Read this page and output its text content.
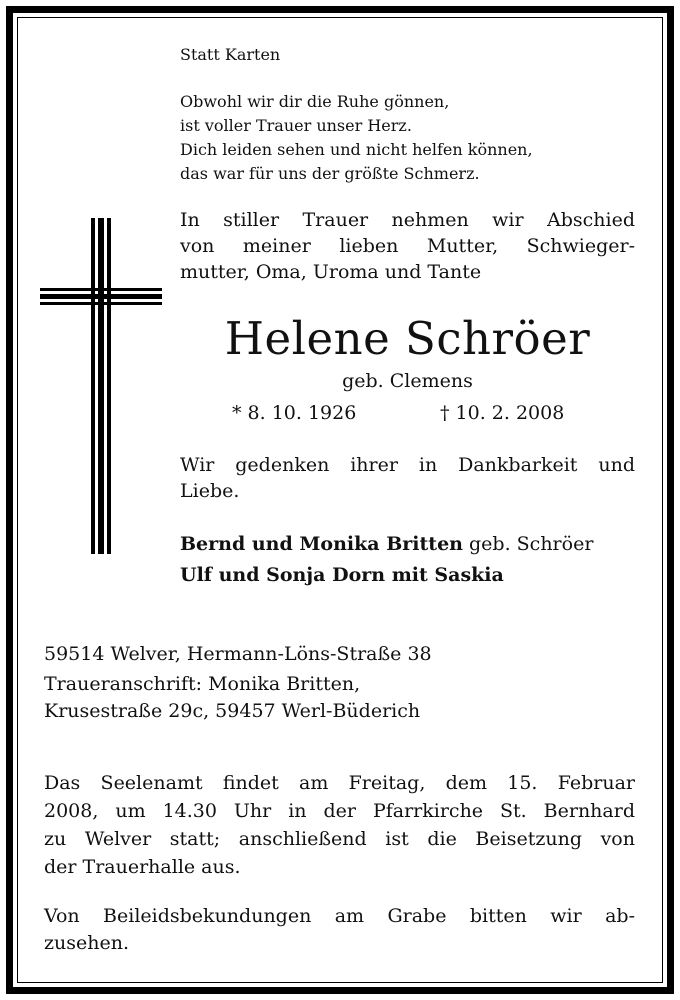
Statt Karten
Obwohl wir dir die Ruhe gönnen,
ist voller Trauer unser Herz.
Dich leiden sehen und nicht helfen können,
das war für uns der größte Schmerz.
In stiller Trauer nehmen wir Abschied
von meiner lieben Mutter, Schwieger-
mutter, Oma, Uroma und Tante
Helene Schröer
geb. Clemens
* 8. 10. 1926	† 10. 2. 2008
Wir gedenken ihrer in Dankbarkeit und
Liebe.
Bernd und Monika Britten geb. Schröer
Ulf und Sonja Dorn mit Saskia
59514 Welver, Hermann-Löns-Straße 38
Traueranschrift: Monika Britten,
Krusestraße 29c, 59457 Werl-Büderich
Das Seelenamt findet am Freitag, dem 15. Februar
2008, um 14.30 Uhr in der Pfarrkirche St. Bernhard
zu Welver statt; anschließend ist die Beisetzung von
der Trauerhalle aus.
Von Beileidsbekundungen am Grabe bitten wir ab-
zusehen.
